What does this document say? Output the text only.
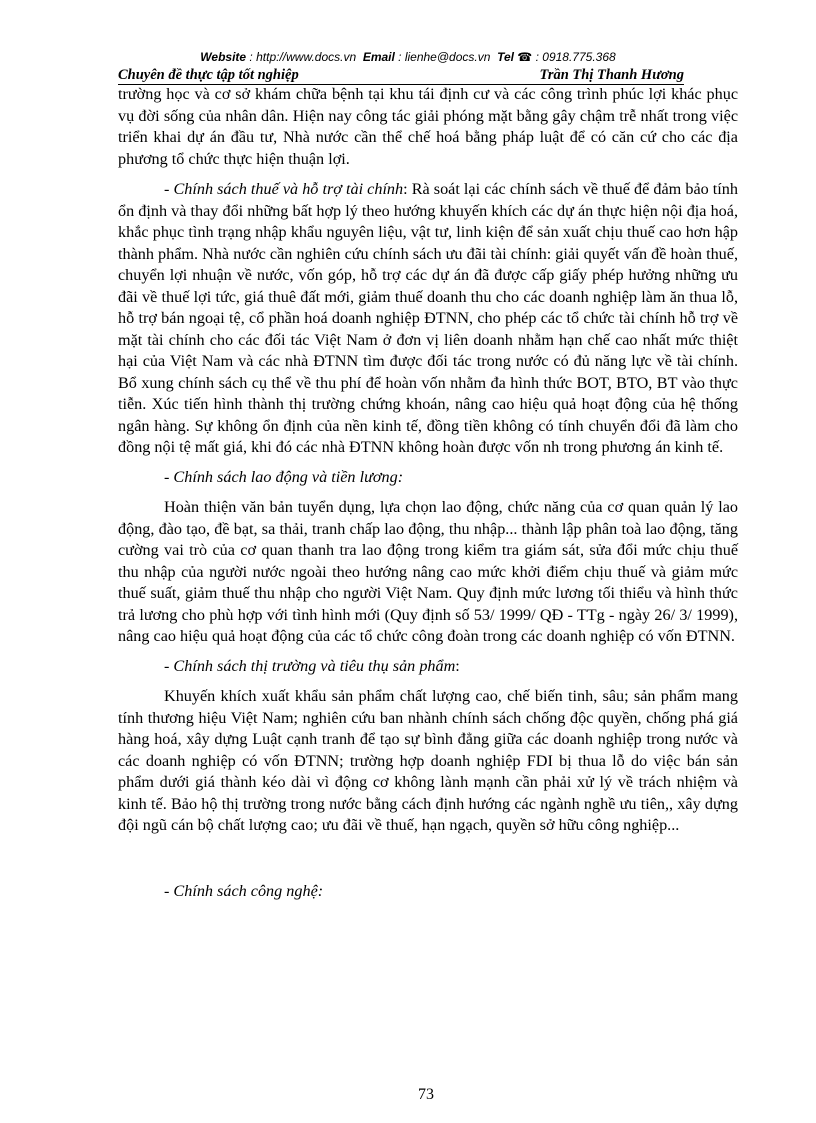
Website : http://www.docs.vn Email : lienhe@docs.vn Tel ☎ : 0918.775.368
Chuyên đề thực tập tốt nghiệp	Trần Thị Thanh Hương

trường học và cơ sở khám chữa bệnh tại khu tái định cư và các công trình phúc lợi khác phục vụ đời sống của nhân dân. Hiện nay công tác giải phóng mặt bằng gây chậm trễ nhất trong việc triển khai dự án đầu tư, Nhà nước cần thể chế hoá bằng pháp luật để có căn cứ cho các địa phương tổ chức thực hiện thuận lợi.

- Chính sách thuế và hỗ trợ tài chính: Rà soát lại các chính sách về thuế để đảm bảo tính ổn định và thay đổi những bất hợp lý theo hướng khuyến khích các dự án thực hiện nội địa hoá, khắc phục tình trạng nhập khẩu nguyên liệu, vật tư, linh kiện để sản xuất chịu thuế cao hơn hập thành phẩm. Nhà nước cần nghiên cứu chính sách ưu đãi tài chính: giải quyết vấn đề hoàn thuế, chuyển lợi nhuận về nước, vốn góp, hỗ trợ các dự án đã được cấp giấy phép hưởng những ưu đãi về thuế lợi tức, giá thuê đất mới, giảm thuế doanh thu cho các doanh nghiệp làm ăn thua lỗ, hỗ trợ bán ngoại tệ, cổ phần hoá doanh nghiệp ĐTNN, cho phép các tổ chức tài chính hỗ trợ về mặt tài chính cho các đối tác Việt Nam ở đơn vị liên doanh nhằm hạn chế cao nhất mức thiệt hại của Việt Nam và các nhà ĐTNN tìm được đối tác trong nước có đủ năng lực về tài chính. Bổ xung chính sách cụ thể về thu phí để hoàn vốn nhằm đa hình thức BOT, BTO, BT vào thực tiễn. Xúc tiến hình thành thị trường chứng khoán, nâng cao hiệu quả hoạt động của hệ thống ngân hàng. Sự không ổn định của nền kinh tế, đồng tiền không có tính chuyển đổi đã làm cho đồng nội tệ mất giá, khi đó các nhà ĐTNN không hoàn được vốn nh trong phương án kinh tế.

- Chính sách lao động và tiền lương:

Hoàn thiện văn bản tuyển dụng, lựa chọn lao động, chức năng của cơ quan quản lý lao động, đào tạo, đề bạt, sa thải, tranh chấp lao động, thu nhập... thành lập phân toà lao động, tăng cường vai trò của cơ quan thanh tra lao động trong kiểm tra giám sát, sửa đổi mức chịu thuế thu nhập của người nước ngoài theo hướng nâng cao mức khởi điểm chịu thuế và giảm mức thuế suất, giảm thuế thu nhập cho người Việt Nam. Quy định mức lương tối thiểu và hình thức trả lương cho phù hợp với tình hình mới (Quy định số 53/ 1999/ QĐ - TTg - ngày 26/ 3/ 1999), nâng cao hiệu quả hoạt động của các tổ chức công đoàn trong các doanh nghiệp có vốn ĐTNN.

- Chính sách thị trường và tiêu thụ sản phẩm:

Khuyến khích xuất khẩu sản phẩm chất lượng cao, chế biến tinh, sâu; sản phẩm mang tính thương hiệu Việt Nam; nghiên cứu ban nhành chính sách chống độc quyền, chống phá giá hàng hoá, xây dựng Luật cạnh tranh để tạo sự bình đẳng giữa các doanh nghiệp trong nước và các doanh nghiệp có vốn ĐTNN; trường hợp doanh nghiệp FDI bị thua lỗ do việc bán sản phẩm dưới giá thành kéo dài vì động cơ không lành mạnh cần phải xử lý về trách nhiệm và kinh tế. Bảo hộ thị trường trong nước bằng cách định hướng các ngành nghề ưu tiên,, xây dựng đội ngũ cán bộ chất lượng cao; ưu đãi về thuế, hạn ngạch, quyền sở hữu công nghiệp...

- Chính sách công nghệ:

73
